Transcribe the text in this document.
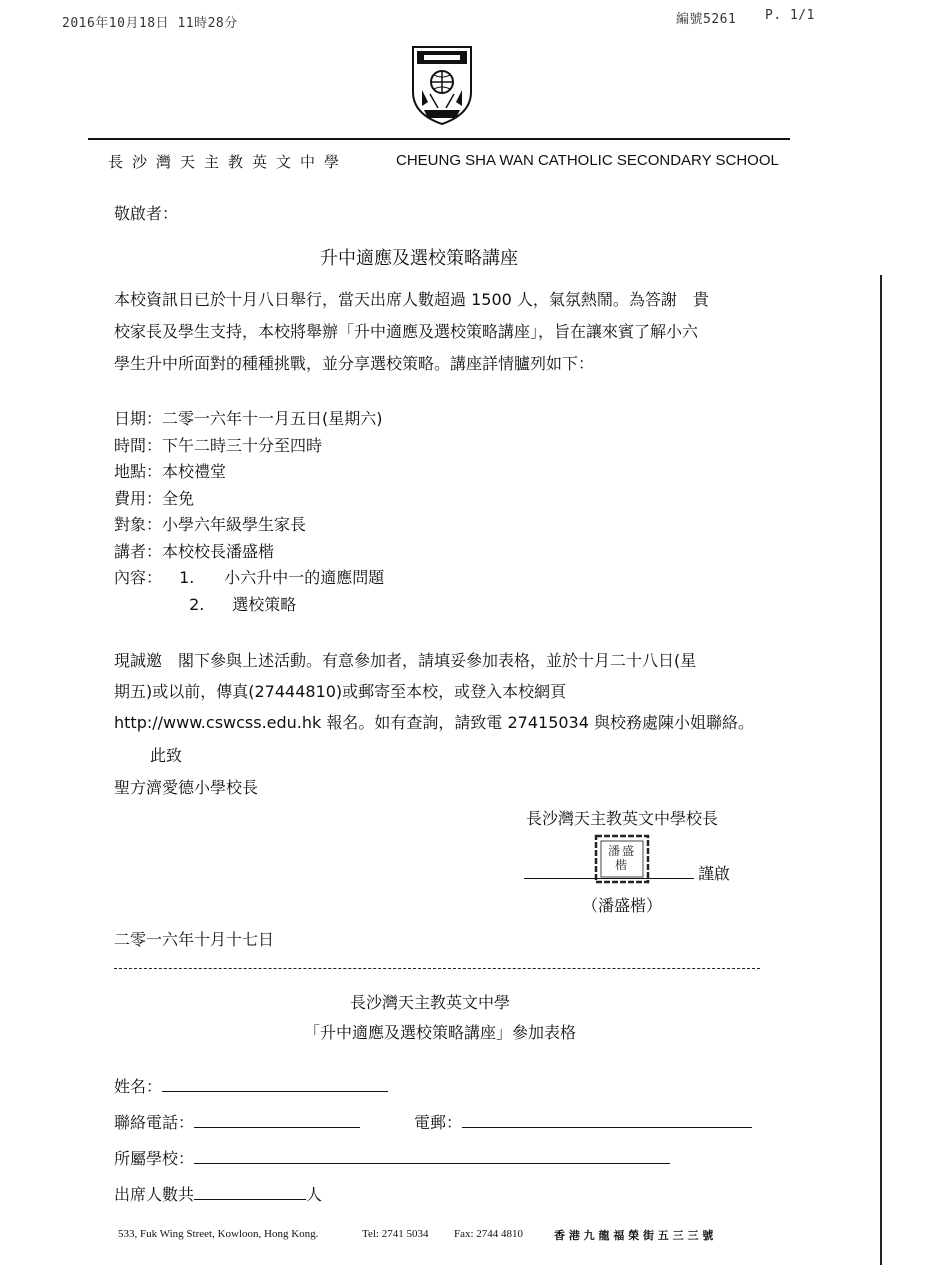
2016年10月18日 11時28分	編號5261 P. 1/1
長沙灣天主教英文中學	CHEUNG SHA WAN CATHOLIC SECONDARY SCHOOL
敬啟者：
升中適應及選校策略講座
本校資訊日已於十月八日舉行，當天出席人數超過 1500 人，氣氛熱鬧。為答謝　貴
校家長及學生支持，本校將舉辦「升中適應及選校策略講座」，旨在讓來賓了解小六
學生升中所面對的種種挑戰，並分享選校策略。講座詳情臚列如下：
日期：二零一六年十一月五日(星期六)
時間：下午二時三十分至四時
地點：本校禮堂
費用：全免
對象：小學六年級學生家長
講者：本校校長潘盛楷
內容： 1. 小六升中一的適應問題
2. 選校策略
現誠邀　閣下參與上述活動。有意參加者，請填妥參加表格，並於十月二十八日(星
期五)或以前，傳真(27444810)或郵寄至本校，或登入本校網頁
http://www.cswcss.edu.hk 報名。如有查詢，請致電 27415034 與校務處陳小姐聯絡。
此致
聖方濟愛德小學校長
長沙灣天主教英文中學校長
潘盛楷	謹啟
（潘盛楷）
二零一六年十月十七日
長沙灣天主教英文中學
「升中適應及選校策略講座」參加表格
姓名：
聯絡電話：	電郵：
所屬學校：
出席人數共	人
533, Fuk Wing Street, Kowloon, Hong Kong.	Tel: 2741 5034 Fax: 2744 4810	香 港 九 龍 福 榮 街 五 三 三 號
